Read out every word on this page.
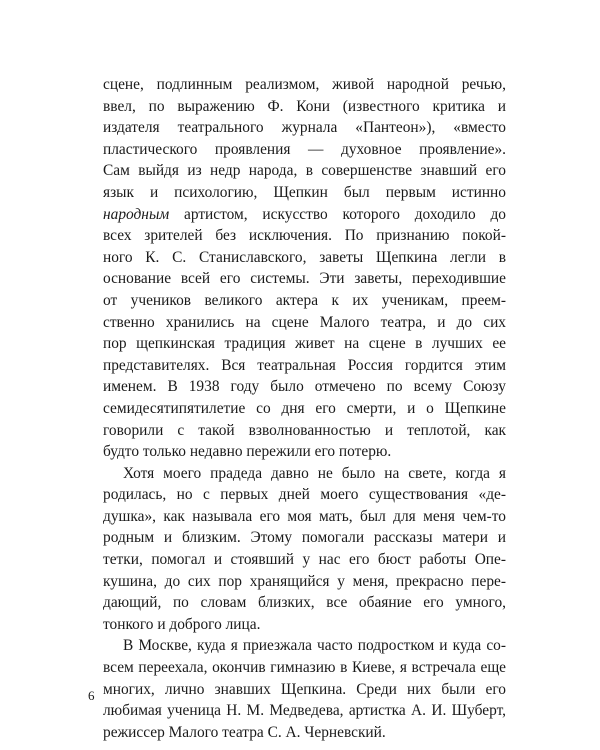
сцене, подлинным реализмом, живой народной речью,
ввел, по выражению Ф. Кони (известного критика и
издателя театрального журнала «Пантеон»), «вместо
пластического проявления — духовное проявление».
Сам выйдя из недр народа, в совершенстве знавший его
язык и психологию, Щепкин был первым истинно
народным артистом, искусство которого доходило до
всех зрителей без исключения. По признанию покой-
ного К. С. Станиславского, заветы Щепкина легли в
основание всей его системы. Эти заветы, переходившие
от учеников великого актера к их ученикам, преем-
ственно хранились на сцене Малого театра, и до сих
пор щепкинская традиция живет на сцене в лучших ее
представителях. Вся театральная Россия гордится этим
именем. В 1938 году было отмечено по всему Союзу
семидесятипятилетие со дня его смерти, и о Щепкине
говорили с такой взволнованностью и теплотой, как
будто только недавно пережили его потерю.
Хотя моего прадеда давно не было на свете, когда я
родилась, но с первых дней моего существования «де-
душка», как называла его моя мать, был для меня чем-то
родным и близким. Этому помогали рассказы матери и
тетки, помогал и стоявший у нас его бюст работы Опе-
кушина, до сих пор хранящийся у меня, прекрасно пере-
дающий, по словам близких, все обаяние его умного,
тонкого и доброго лица.
В Москве, куда я приезжала часто подростком и куда со-
всем переехала, окончив гимназию в Киеве, я встречала еще
многих, лично знавших Щепкина. Среди них были его
любимая ученица Н. М. Медведева, артистка А. И. Шуберт,
режиссер Малого театра С. А. Черневский.
6
